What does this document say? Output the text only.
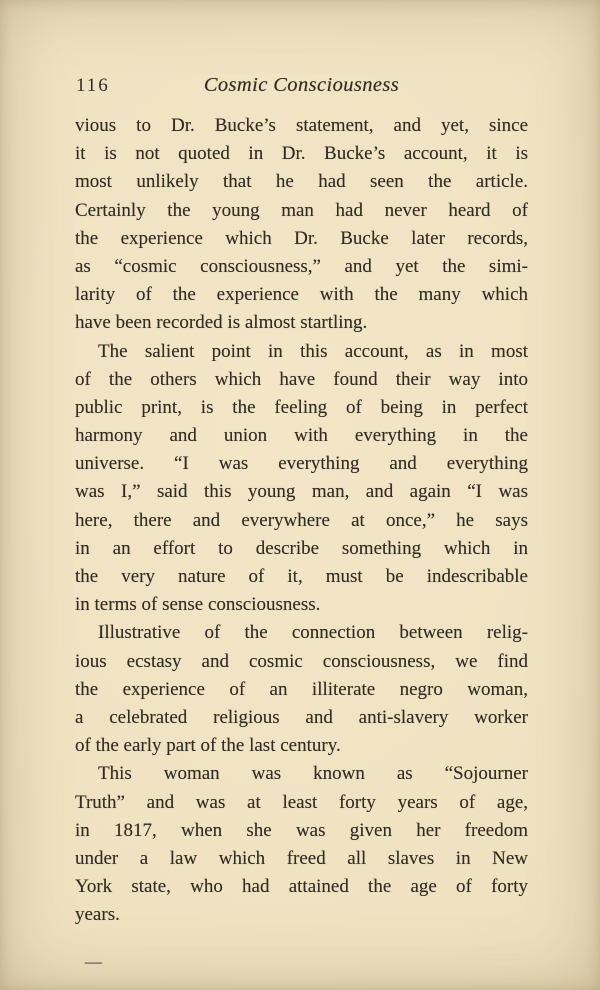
116	Cosmic Consciousness
vious to Dr. Bucke’s statement, and yet, since
it is not quoted in Dr. Bucke’s account, it is
most unlikely that he had seen the article.
Certainly the young man had never heard of
the experience which Dr. Bucke later records,
as “cosmic consciousness,” and yet the simi-
larity of the experience with the many which
have been recorded is almost startling.
The salient point in this account, as in most
of the others which have found their way into
public print, is the feeling of being in perfect
harmony and union with everything in the
universe. “I was everything and everything
was I,” said this young man, and again “I was
here, there and everywhere at once,” he says
in an effort to describe something which in
the very nature of it, must be indescribable
in terms of sense consciousness.
Illustrative of the connection between relig-
ious ecstasy and cosmic consciousness, we find
the experience of an illiterate negro woman,
a celebrated religious and anti-slavery worker
of the early part of the last century.
This woman was known as “Sojourner
Truth” and was at least forty years of age,
in 1817, when she was given her freedom
under a law which freed all slaves in New
York state, who had attained the age of forty
years.
—
